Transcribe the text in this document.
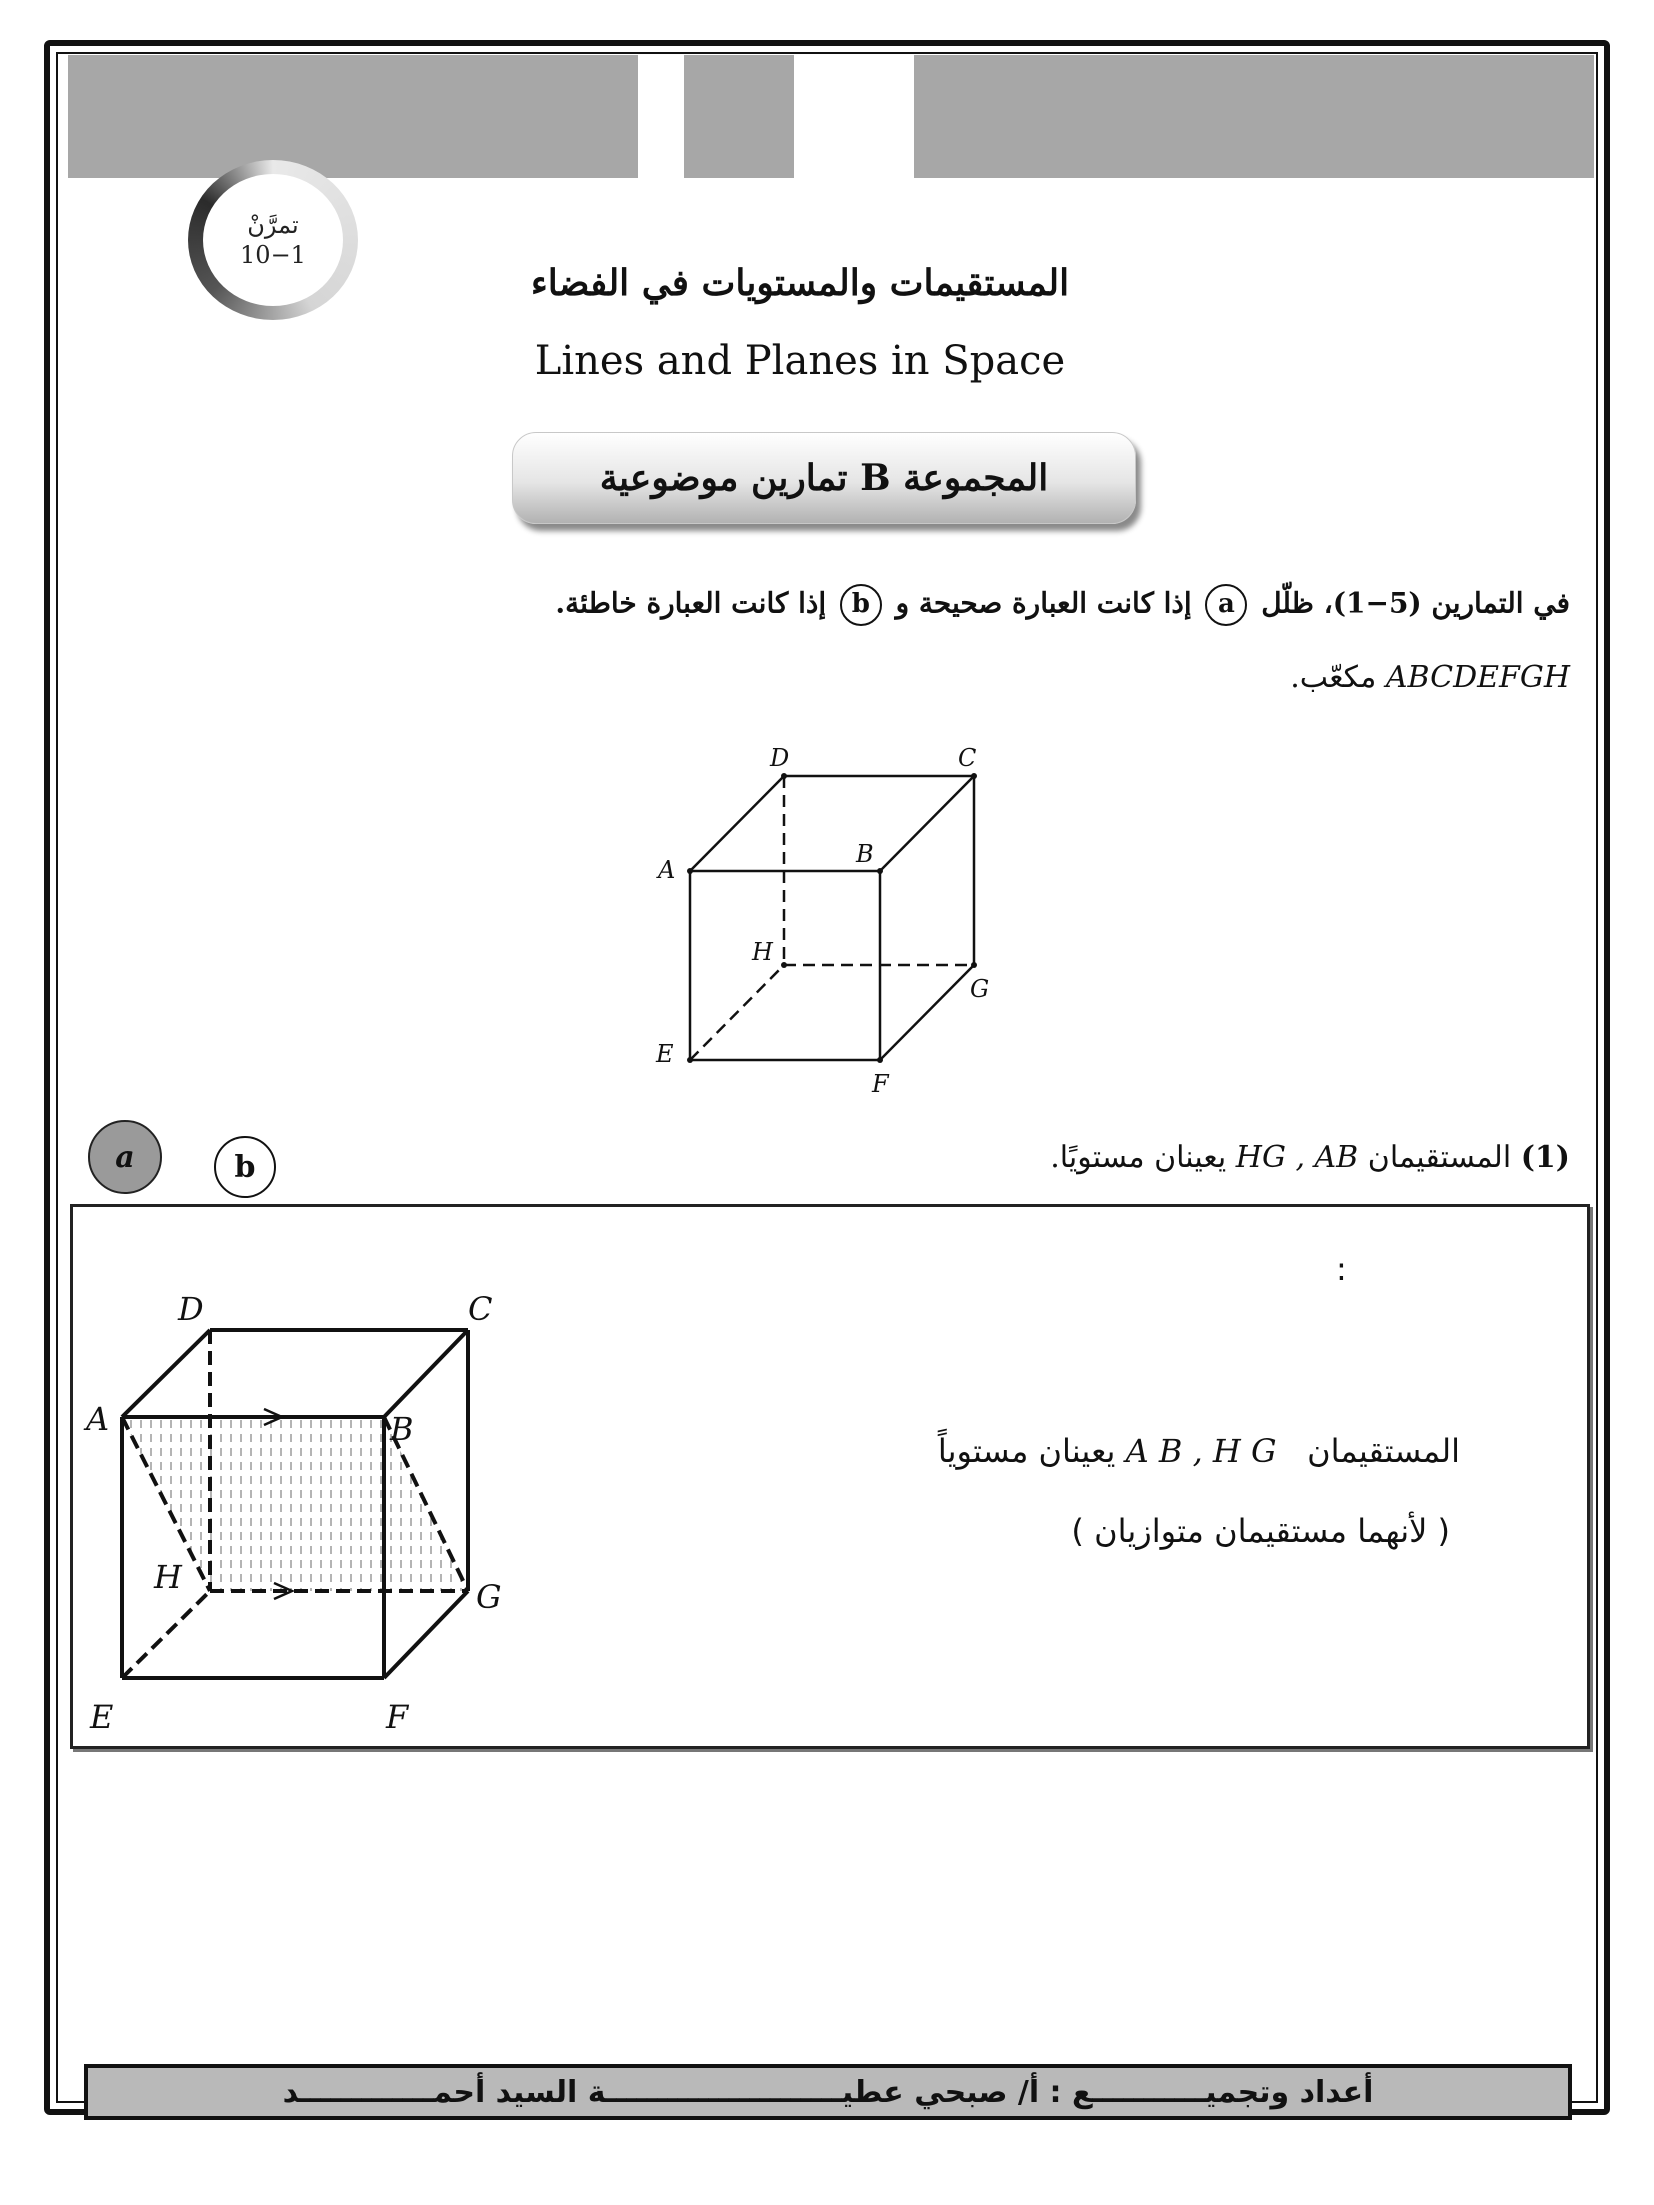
تمرَّنْ
10−1
المستقيمات والمستويات في الفضاء
Lines and Planes in Space
المجموعة B تمارين موضوعية
في التمارين (5−1)، ظلّل a إذا كانت العبارة صحيحة و b إذا كانت العبارة خاطئة.
ABCDEFGH مكعّب.
D	C
A
B
H
G
E
F
(1) المستقيمان HG , AB يعينان مستويًا.
a	b
:
المستقيمان   A B , H G يعينان مستوياً
( لأنهما مستقيمان متوازيان )
D	C
A	B
H
G
E	F
أعداد وتجميـــــــــــع : أ/ صبحي عطيـــــــــــــــــــــــة السيد أحمـــــــــــــد
